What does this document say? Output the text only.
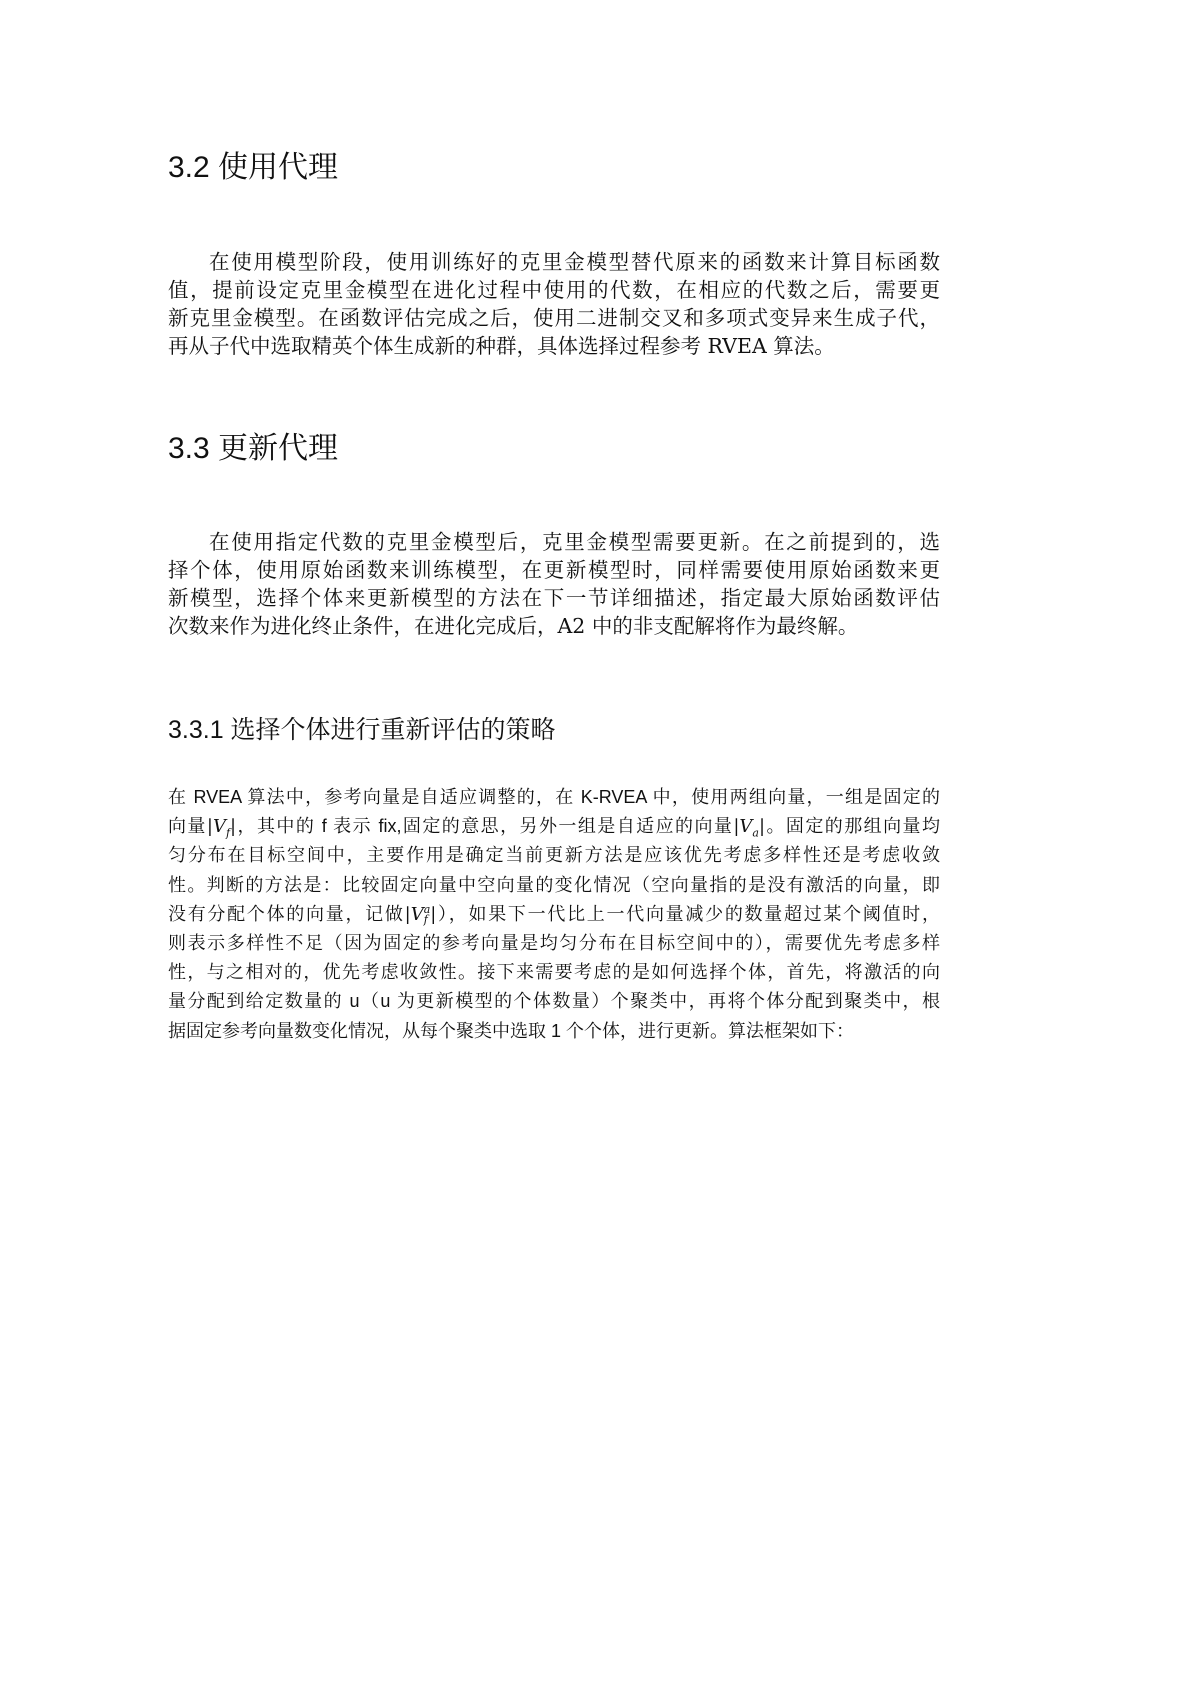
3.2 使用代理
在使用模型阶段，使用训练好的克里金模型替代原来的函数来计算目标函数
值，提前设定克里金模型在进化过程中使用的代数，在相应的代数之后，需要更
新克里金模型。在函数评估完成之后，使用二进制交叉和多项式变异来生成子代，
再从子代中选取精英个体生成新的种群，具体选择过程参考 RVEA 算法。
3.3 更新代理
在使用指定代数的克里金模型后，克里金模型需要更新。在之前提到的，选
择个体，使用原始函数来训练模型，在更新模型时，同样需要使用原始函数来更
新模型，选择个体来更新模型的方法在下一节详细描述，指定最大原始函数评估
次数来作为进化终止条件，在进化完成后，A2 中的非支配解将作为最终解。
3.3.1 选择个体进行重新评估的策略
在 RVEA 算法中，参考向量是自适应调整的，在 K-RVEA 中，使用两组向量，一组是固定的
向量$|V_f|$，其中的 f 表示 fix,固定的意思，另外一组是自适应的向量$|V_a|$。固定的那组向量均
匀分布在目标空间中，主要作用是确定当前更新方法是应该优先考虑多样性还是考虑收敛
性。判断的方法是：比较固定向量中空向量的变化情况（空向量指的是没有激活的向量，即
没有分配个体的向量，记做|V a
f |），如果下一代比上一代向量减少的数量超过某个阈值时，
则表示多样性不足（因为固定的参考向量是均匀分布在目标空间中的），需要优先考虑多样
性，与之相对的，优先考虑收敛性。接下来需要考虑的是如何选择个体，首先，将激活的向
量分配到给定数量的 u（u 为更新模型的个体数量）个聚类中，再将个体分配到聚类中，根
据固定参考向量数变化情况，从每个聚类中选取 1 个个体，进行更新。算法框架如下：
